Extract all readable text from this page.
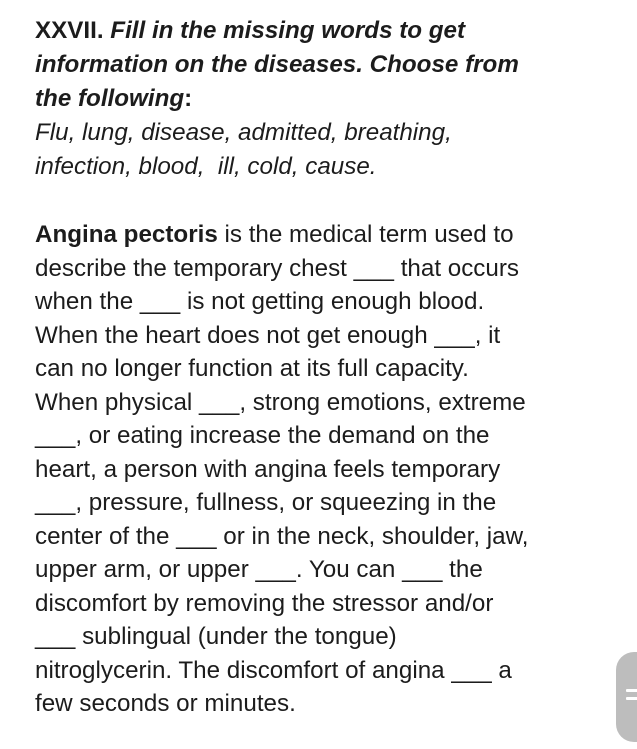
XXVII. Fill in the missing words to get
information on the diseases. Choose from
the following:
Flu, lung, disease, admitted, breathing,
infection, blood,  ill, cold, cause.
Angina pectoris is the medical term used to
describe the temporary chest ___ that occurs
when the ___ is not getting enough blood.
When the heart does not get enough ___, it
can no longer function at its full capacity.
When physical ___, strong emotions, extreme
___, or eating increase the demand on the
heart, a person with angina feels temporary
___, pressure, fullness, or squeezing in the
center of the ___ or in the neck, shoulder, jaw,
upper arm, or upper ___. You can ___ the
discomfort by removing the stressor and/or
___ sublingual (under the tongue)
nitroglycerin. The discomfort of angina ___ a
few seconds or minutes.
